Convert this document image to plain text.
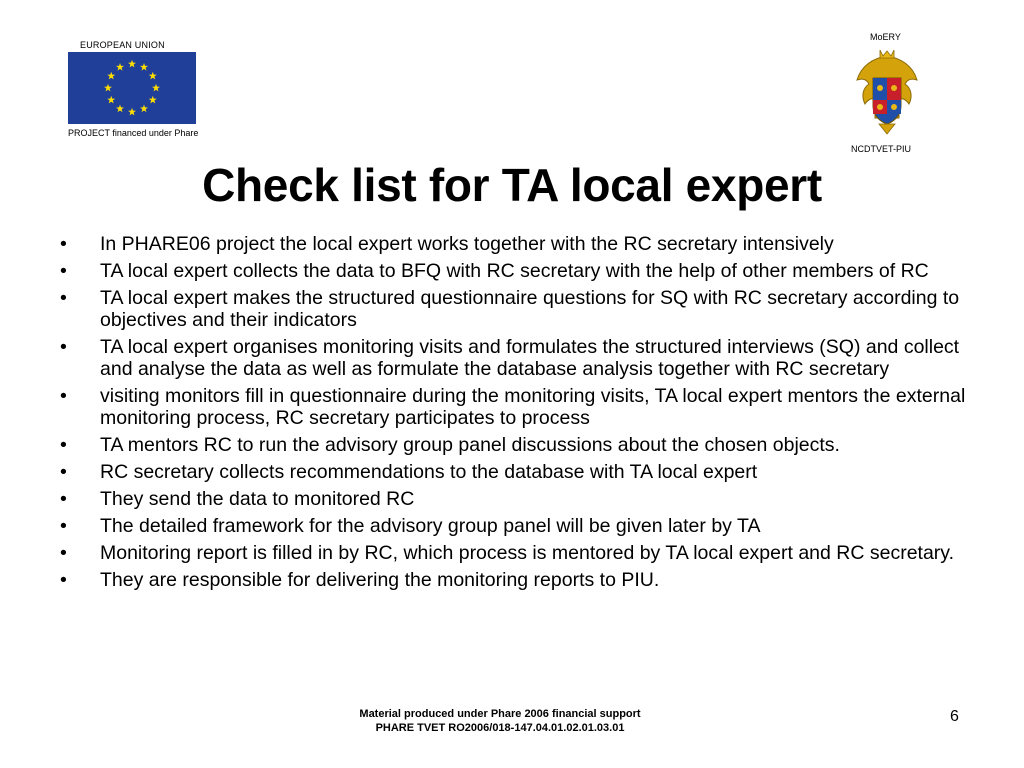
EUROPEAN UNION
PROJECT financed under Phare
MoERY
NCDTVET-PIU
Check list for TA local expert
• In PHARE06 project the local expert works together with the RC secretary intensively
• TA local expert collects the data to BFQ with RC secretary with the help of other members of RC
• TA local expert makes the structured questionnaire questions for SQ with RC secretary according to objectives and their indicators
• TA local expert organises monitoring visits and formulates the structured interviews (SQ) and collect and analyse the data as well as formulate the database analysis together with RC secretary
• visiting monitors fill in questionnaire during the monitoring visits, TA local expert mentors the external monitoring process, RC secretary participates to process
• TA mentors RC to run the advisory group panel discussions about the chosen objects.
• RC secretary collects recommendations to the database with TA local expert
• They send the data to monitored RC
• The detailed framework for the advisory group panel will be given later by TA
• Monitoring report is filled in by RC, which process is mentored by TA local expert and RC secretary.
• They are responsible for delivering the monitoring reports to PIU.
Material produced under Phare 2006 financial support
PHARE TVET RO2006/018-147.04.01.02.01.03.01
6
